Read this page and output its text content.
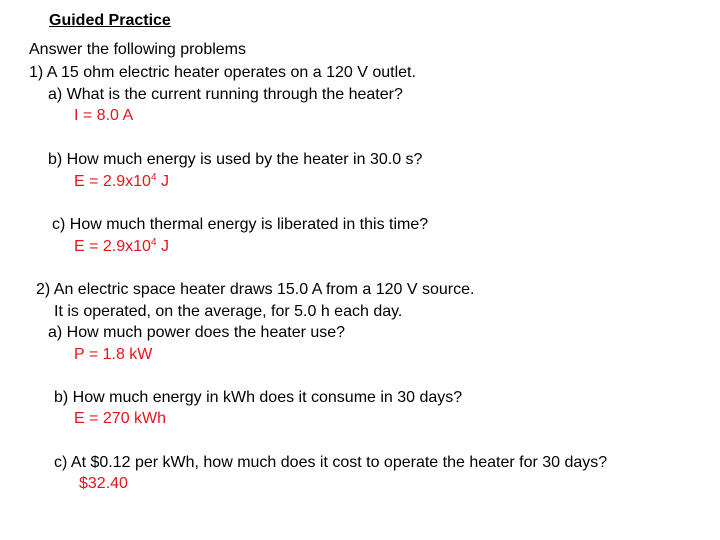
Guided Practice
Answer the following problems
1) A 15 ohm electric heater operates on a 120 V outlet.
a) What is the current running through the heater?
I = 8.0 A
b) How much energy is used by the heater in 30.0 s?
$E = 2.9x10^4$ J
c) How much thermal energy is liberated in this time?
$E = 2.9x10^4$ J
2) An electric space heater draws 15.0 A from a 120 V source.
It is operated, on the average, for 5.0 h each day.
a) How much power does the heater use?
P = 1.8 kW
b) How much energy in kWh does it consume in 30 days?
E = 270 kWh
c) At $0.12 per kWh, how much does it cost to operate the heater for 30 days?
$32.40
